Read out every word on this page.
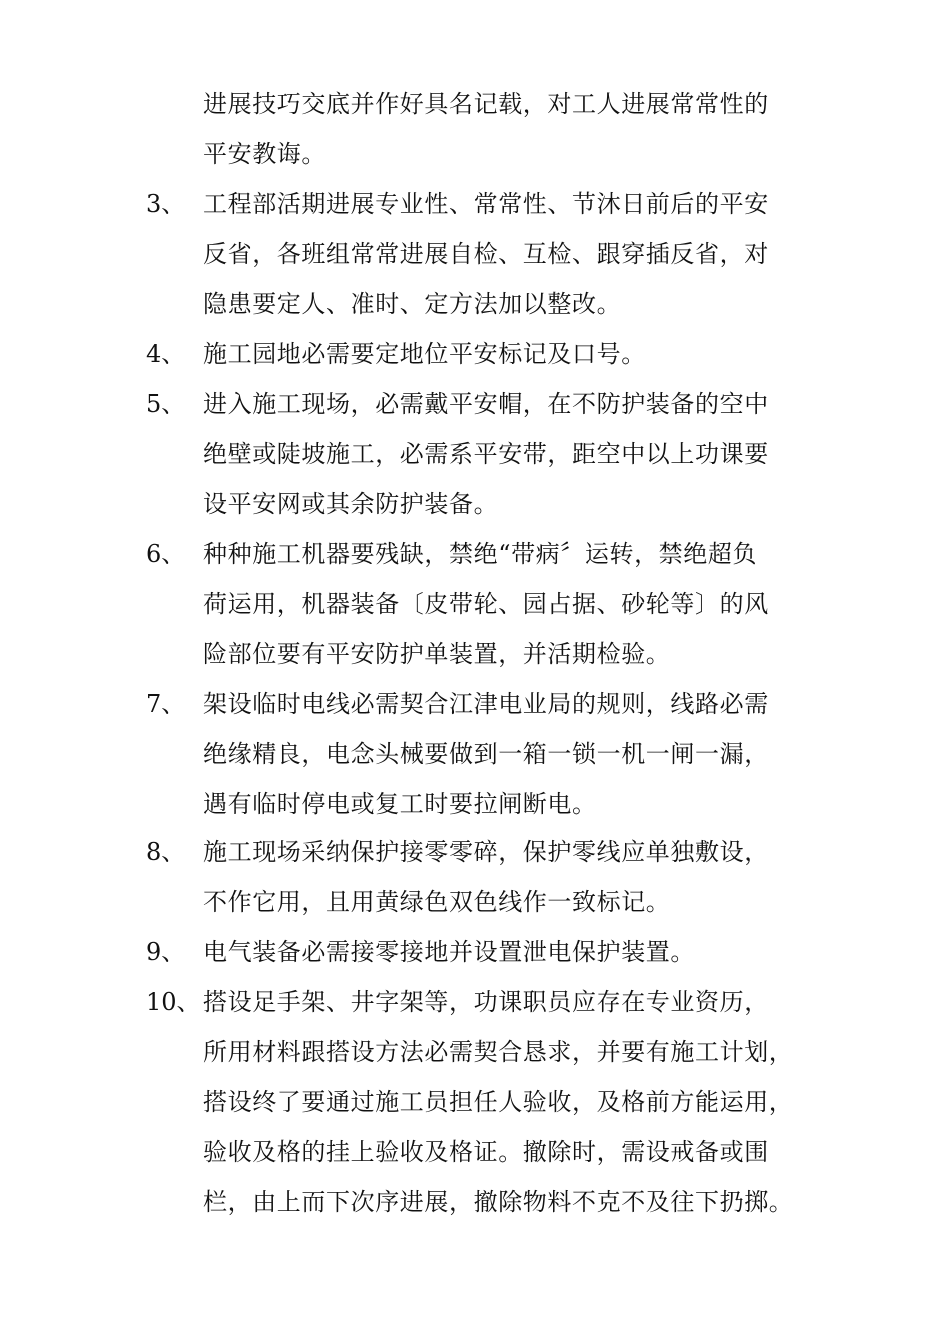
进展技巧交底并作好具名记载，对工人进展常常性的
平安教诲。
3、 工程部活期进展专业性、常常性、节沐日前后的平安
反省，各班组常常进展自检、互检、跟穿插反省，对
隐患要定人、准时、定方法加以整改。
4、 施工园地必需要定地位平安标记及口号。
5、 进入施工现场，必需戴平安帽，在不防护装备的空中
绝壁或陡坡施工，必需系平安带，距空中以上功课要
设平安网或其余防护装备。
6、 种种施工机器要残缺，禁绝“带病〞运转，禁绝超负
荷运用，机器装备〔皮带轮、园占据、砂轮等〕的风
险部位要有平安防护单装置，并活期检验。
7、 架设临时电线必需契合江津电业局的规则，线路必需
绝缘精良，电念头械要做到一箱一锁一机一闸一漏，
遇有临时停电或复工时要拉闸断电。
8、 施工现场采纳保护接零零碎，保护零线应单独敷设，
不作它用，且用黄绿色双色线作一致标记。
9、 电气装备必需接零接地并设置泄电保护装置。
10、 搭设足手架、井字架等，功课职员应存在专业资历，
所用材料跟搭设方法必需契合恳求，并要有施工计划，
搭设终了要通过施工员担任人验收，及格前方能运用，
验收及格的挂上验收及格证。撤除时，需设戒备或围
栏，由上而下次序进展，撤除物料不克不及往下扔掷。
